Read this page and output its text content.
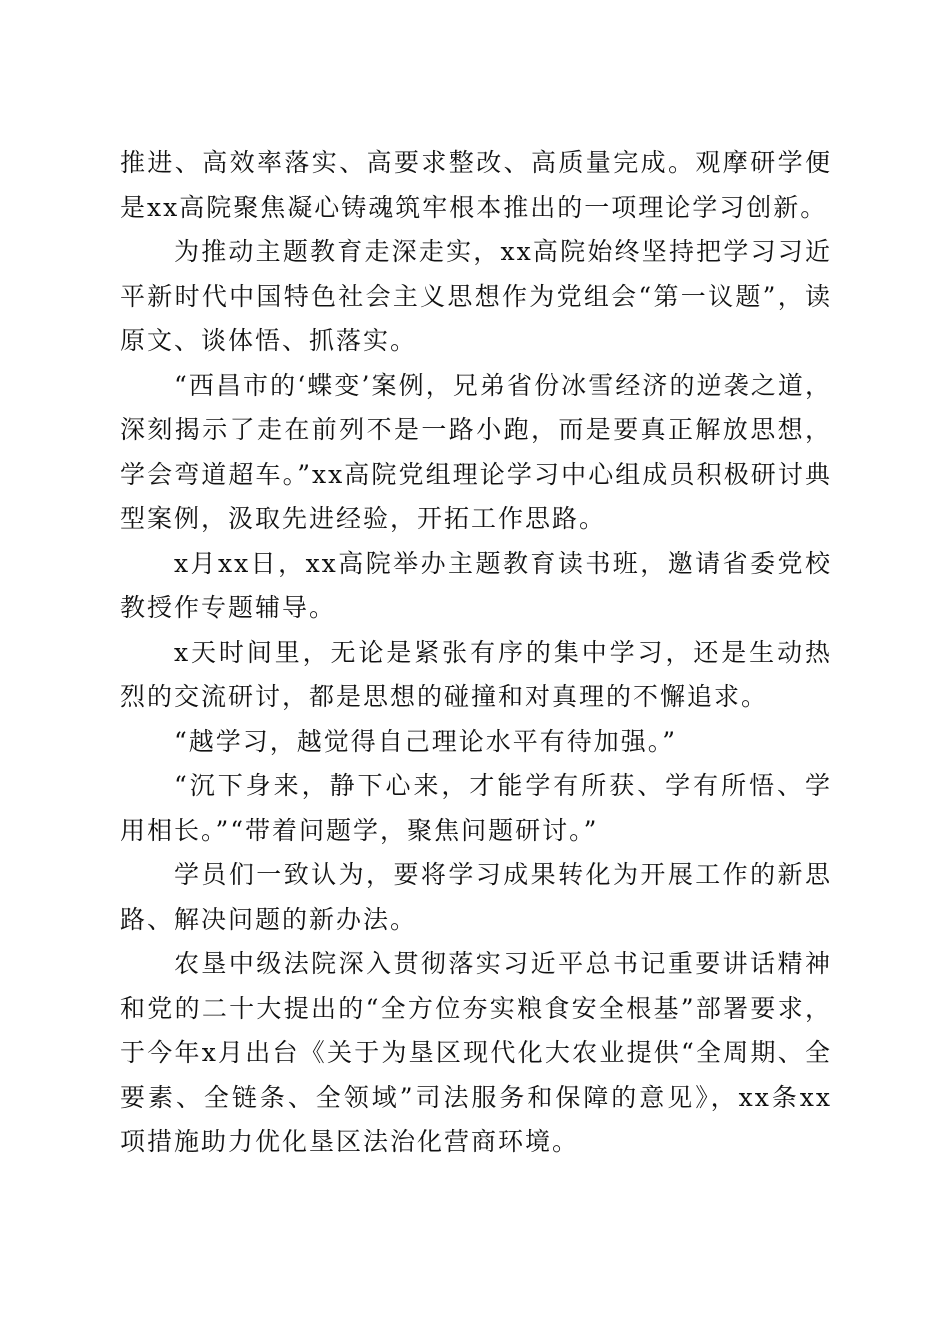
推进、高效率落实、高要求整改、高质量完成。观摩研学便是xx高院聚焦凝心铸魂筑牢根本推出的一项理论学习创新。

为推动主题教育走深走实，xx高院始终坚持把学习习近平新时代中国特色社会主义思想作为党组会“第一议题”，读原文、谈体悟、抓落实。

“西昌市的‘蝶变’案例，兄弟省份冰雪经济的逆袭之道，深刻揭示了走在前列不是一路小跑，而是要真正解放思想，学会弯道超车。”xx高院党组理论学习中心组成员积极研讨典型案例，汲取先进经验，开拓工作思路。

x月xx日，xx高院举办主题教育读书班，邀请省委党校教授作专题辅导。

x天时间里，无论是紧张有序的集中学习，还是生动热烈的交流研讨，都是思想的碰撞和对真理的不懈追求。

“越学习，越觉得自己理论水平有待加强。”

“沉下身来，静下心来，才能学有所获、学有所悟、学用相长。”“带着问题学，聚焦问题研讨。”

学员们一致认为，要将学习成果转化为开展工作的新思路、解决问题的新办法。

农垦中级法院深入贯彻落实习近平总书记重要讲话精神和党的二十大提出的“全方位夯实粮食安全根基”部署要求，于今年x月出台《关于为垦区现代化大农业提供“全周期、全要素、全链条、全领域”司法服务和保障的意见》，xx条xx项措施助力优化垦区法治化营商环境。
